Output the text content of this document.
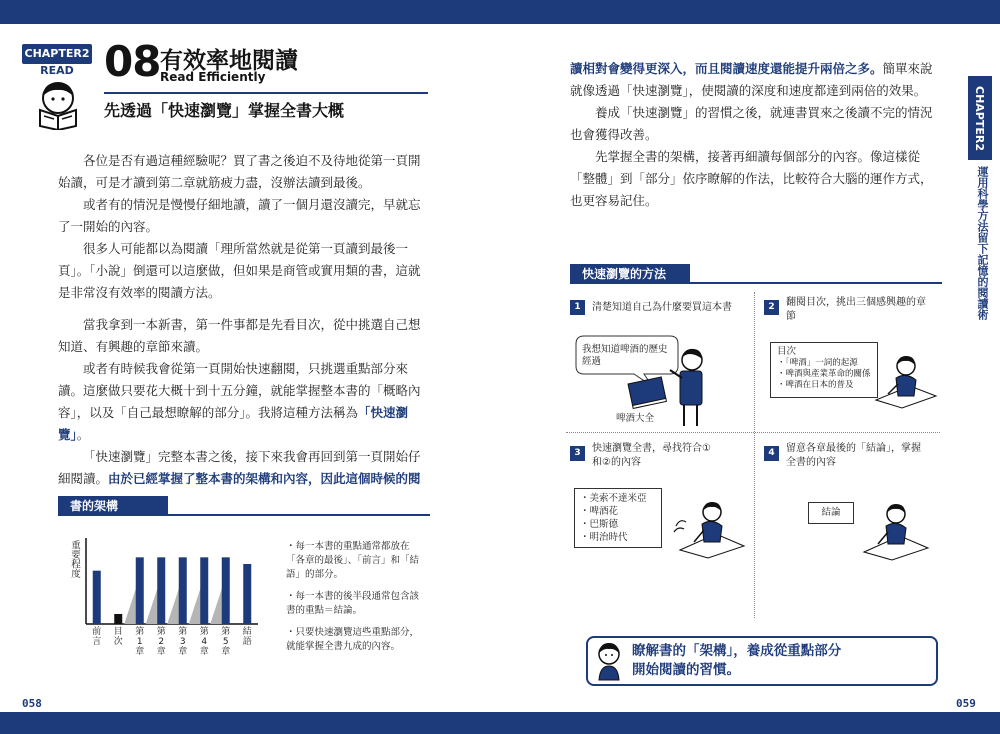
CHAPTER2
READ 08 有效率地閱讀
Read Efficiently
先透過「快速瀏覽」掌握全書大概

各位是否有過這種經驗呢？買了書之後迫不及待地從第一頁開始讀，可是才讀到第二章就筋疲力盡，沒辦法讀到最後。

或者有的情況是慢慢仔細地讀，讀了一個月還沒讀完，早就忘了一開始的內容。

很多人可能都以為閱讀「理所當然就是從第一頁讀到最後一頁」。「小說」倒還可以這麼做，但如果是商管或實用類的書，這就是非常沒有效率的閱讀方法。

當我拿到一本新書，第一件事都是先看目次，從中挑選自己想知道、有興趣的章節來讀。

或者有時候我會從第一頁開始快速翻閱，只挑選重點部分來讀。這麼做只要花大概十到十五分鐘，就能掌握整本書的「概略內容」，以及「自己最想瞭解的部分」。我將這種方法稱為「快速瀏覽」。

「快速瀏覽」完整本書之後，接下來我會再回到第一頁開始仔細閱讀。由於已經掌握了整本書的架構和內容，因此這個時候的閱

書的架構
重要程度
前言
目次
第 1 章
第 2 章
第 3 章
第 4 章
第 5 章
結語

・每一本書的重點通常都放在「各章的最後」、「前言」和「結語」的部分。

・每一本書的後半段通常包含該書的重點＝結論。

・只要快速瀏覽這些重點部分，就能掌握全書九成的內容。

058

讀相對會變得更深入，而且閱讀速度還能提升兩倍之多。簡單來說就像透過「快速瀏覽」，使閱讀的深度和速度都達到兩倍的效果。

養成「快速瀏覽」的習慣之後，就連書買來之後讀不完的情況也會獲得改善。

先掌握全書的架構，接著再細讀每個部分的內容。像這樣從「整體」到「部分」依序瞭解的作法，比較符合大腦的運作方式，也更容易記住。

CHAPTER2
運用科學方法留下記憶的閱讀術
快速瀏覽的方法
1	清楚知道自己為什麼要買這本書
我想知道啤酒的歷史經過
啤酒大全
2	翻閱目次，挑出三個感興趣的章節
目次
・「啤酒」一詞的起源
・啤酒與產業革命的關係
・啤酒在日本的普及
3	快速瀏覽全書，尋找符合①和②的內容
・美索不達米亞
・啤酒花
・巴斯德
・明治時代
4	留意各章最後的「結論」，掌握全書的內容
結論
瞭解書的「架構」，養成從重點部分
開始閱讀的習慣。
059
